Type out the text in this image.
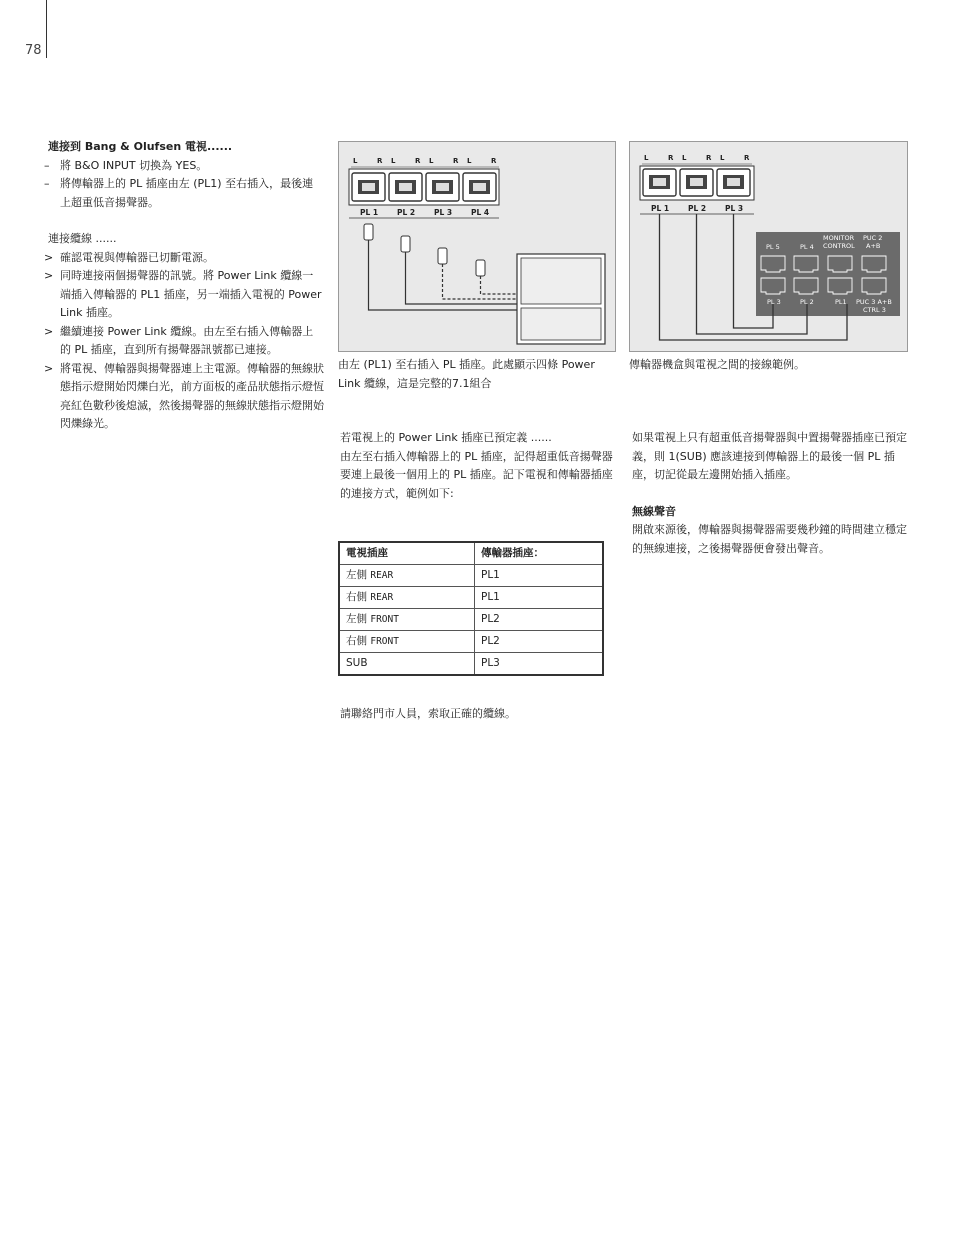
78
連接到 Bang & Olufsen 電視......
– 將 B&O INPUT 切換為 YES。
– 將傳輸器上的 PL 插座由左 (PL1) 至右插入，最後連上超重低音揚聲器。
連接纜線 ......
> 確認電視與傳輸器已切斷電源。
> 同時連接兩個揚聲器的訊號。將 Power Link 纜線一端插入傳輸器的 PL1 插座，另一端插入電視的 Power Link 插座。
> 繼續連接 Power Link 纜線。由左至右插入傳輸器上的 PL 插座，直到所有揚聲器訊號都已連接。
> 將電視、傳輸器與揚聲器連上主電源。傳輸器的無線狀態指示燈開始閃爍白光，前方面板的產品狀態指示燈恆亮紅色數秒後熄滅，然後揚聲器的無線狀態指示燈開始閃爍綠光。
L	R L	R L	R L	R
PL 1	PL 2	PL 3	PL 4
由左 (PL1) 至右插入 PL 插座。此處顯示四條 Power Link 纜線，這是完整的7.1組合
L	R L	R L	R
PL 1	PL 2	PL 3
PL 5	PL 4
MONITOR
CONTROL
PUC 2
A+B
PL 3	PL 2	PL1 PUC 3 A+B
CTRL 3
傳輸器機盒與電視之間的接線範例。
若電視上的 Power Link 插座已預定義 ......
由左至右插入傳輸器上的 PL 插座，記得超重低音揚聲器要連上最後一個用上的 PL 插座。記下電視和傳輸器插座的連接方式，範例如下:
電視插座	傳輸器插座：
左側 REAR	PL1
右側 REAR	PL1
左側 FRONT	PL2
右側 FRONT	PL2
SUB	PL3
請聯絡門市人員，索取正確的纜線。
如果電視上只有超重低音揚聲器與中置揚聲器插座已預定義，則 1(SUB) 應該連接到傳輸器上的最後一個 PL 插座，切記從最左邊開始插入插座。
無線聲音
開啟來源後，傳輸器與揚聲器需要幾秒鐘的時間建立穩定的無線連接，之後揚聲器便會發出聲音。
